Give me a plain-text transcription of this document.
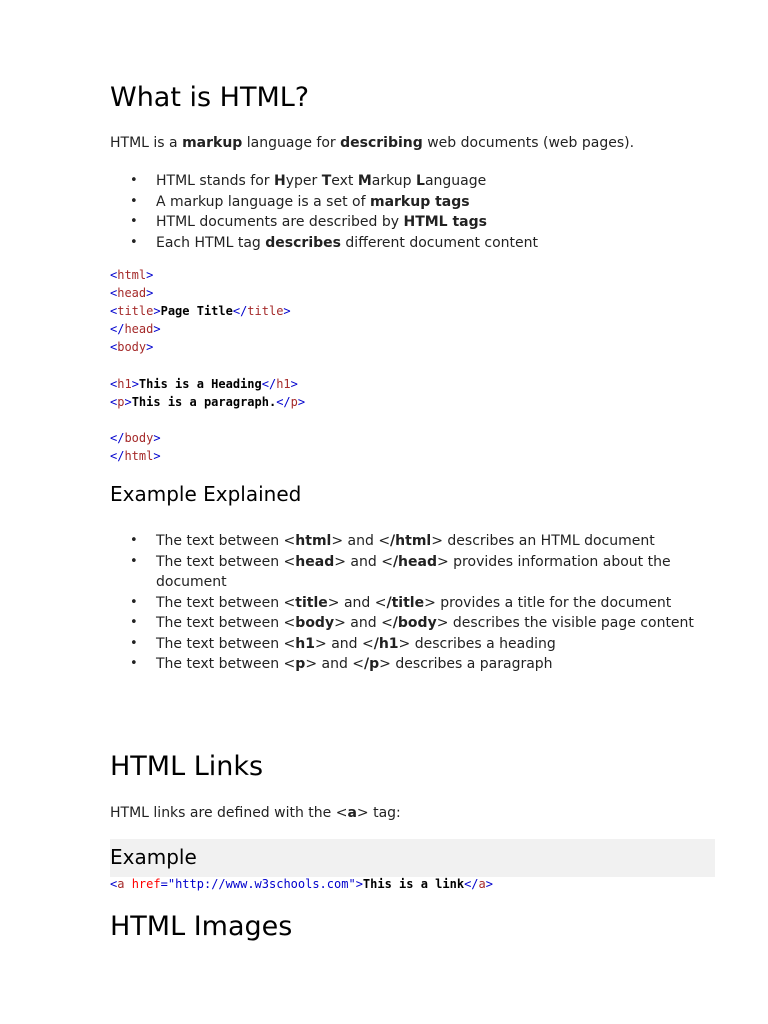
What is HTML?
HTML is a markup language for describing web documents (web pages).
• HTML stands for Hyper Text Markup Language
• A markup language is a set of markup tags
• HTML documents are described by HTML tags
• Each HTML tag describes different document content
<html>
<head>
<title>Page Title</title>
</head>
<body>

<h1>This is a Heading</h1>
<p>This is a paragraph.</p>

</body>
</html>
Example Explained
• The text between <html> and </html> describes an HTML document
• The text between <head> and </head> provides information about the document
• The text between <title> and </title> provides a title for the document
• The text between <body> and </body> describes the visible page content
• The text between <h1> and </h1> describes a heading
• The text between <p> and </p> describes a paragraph
HTML Links
HTML links are defined with the <a> tag:
Example
<a href="http://www.w3schools.com">This is a link</a>
HTML Images
